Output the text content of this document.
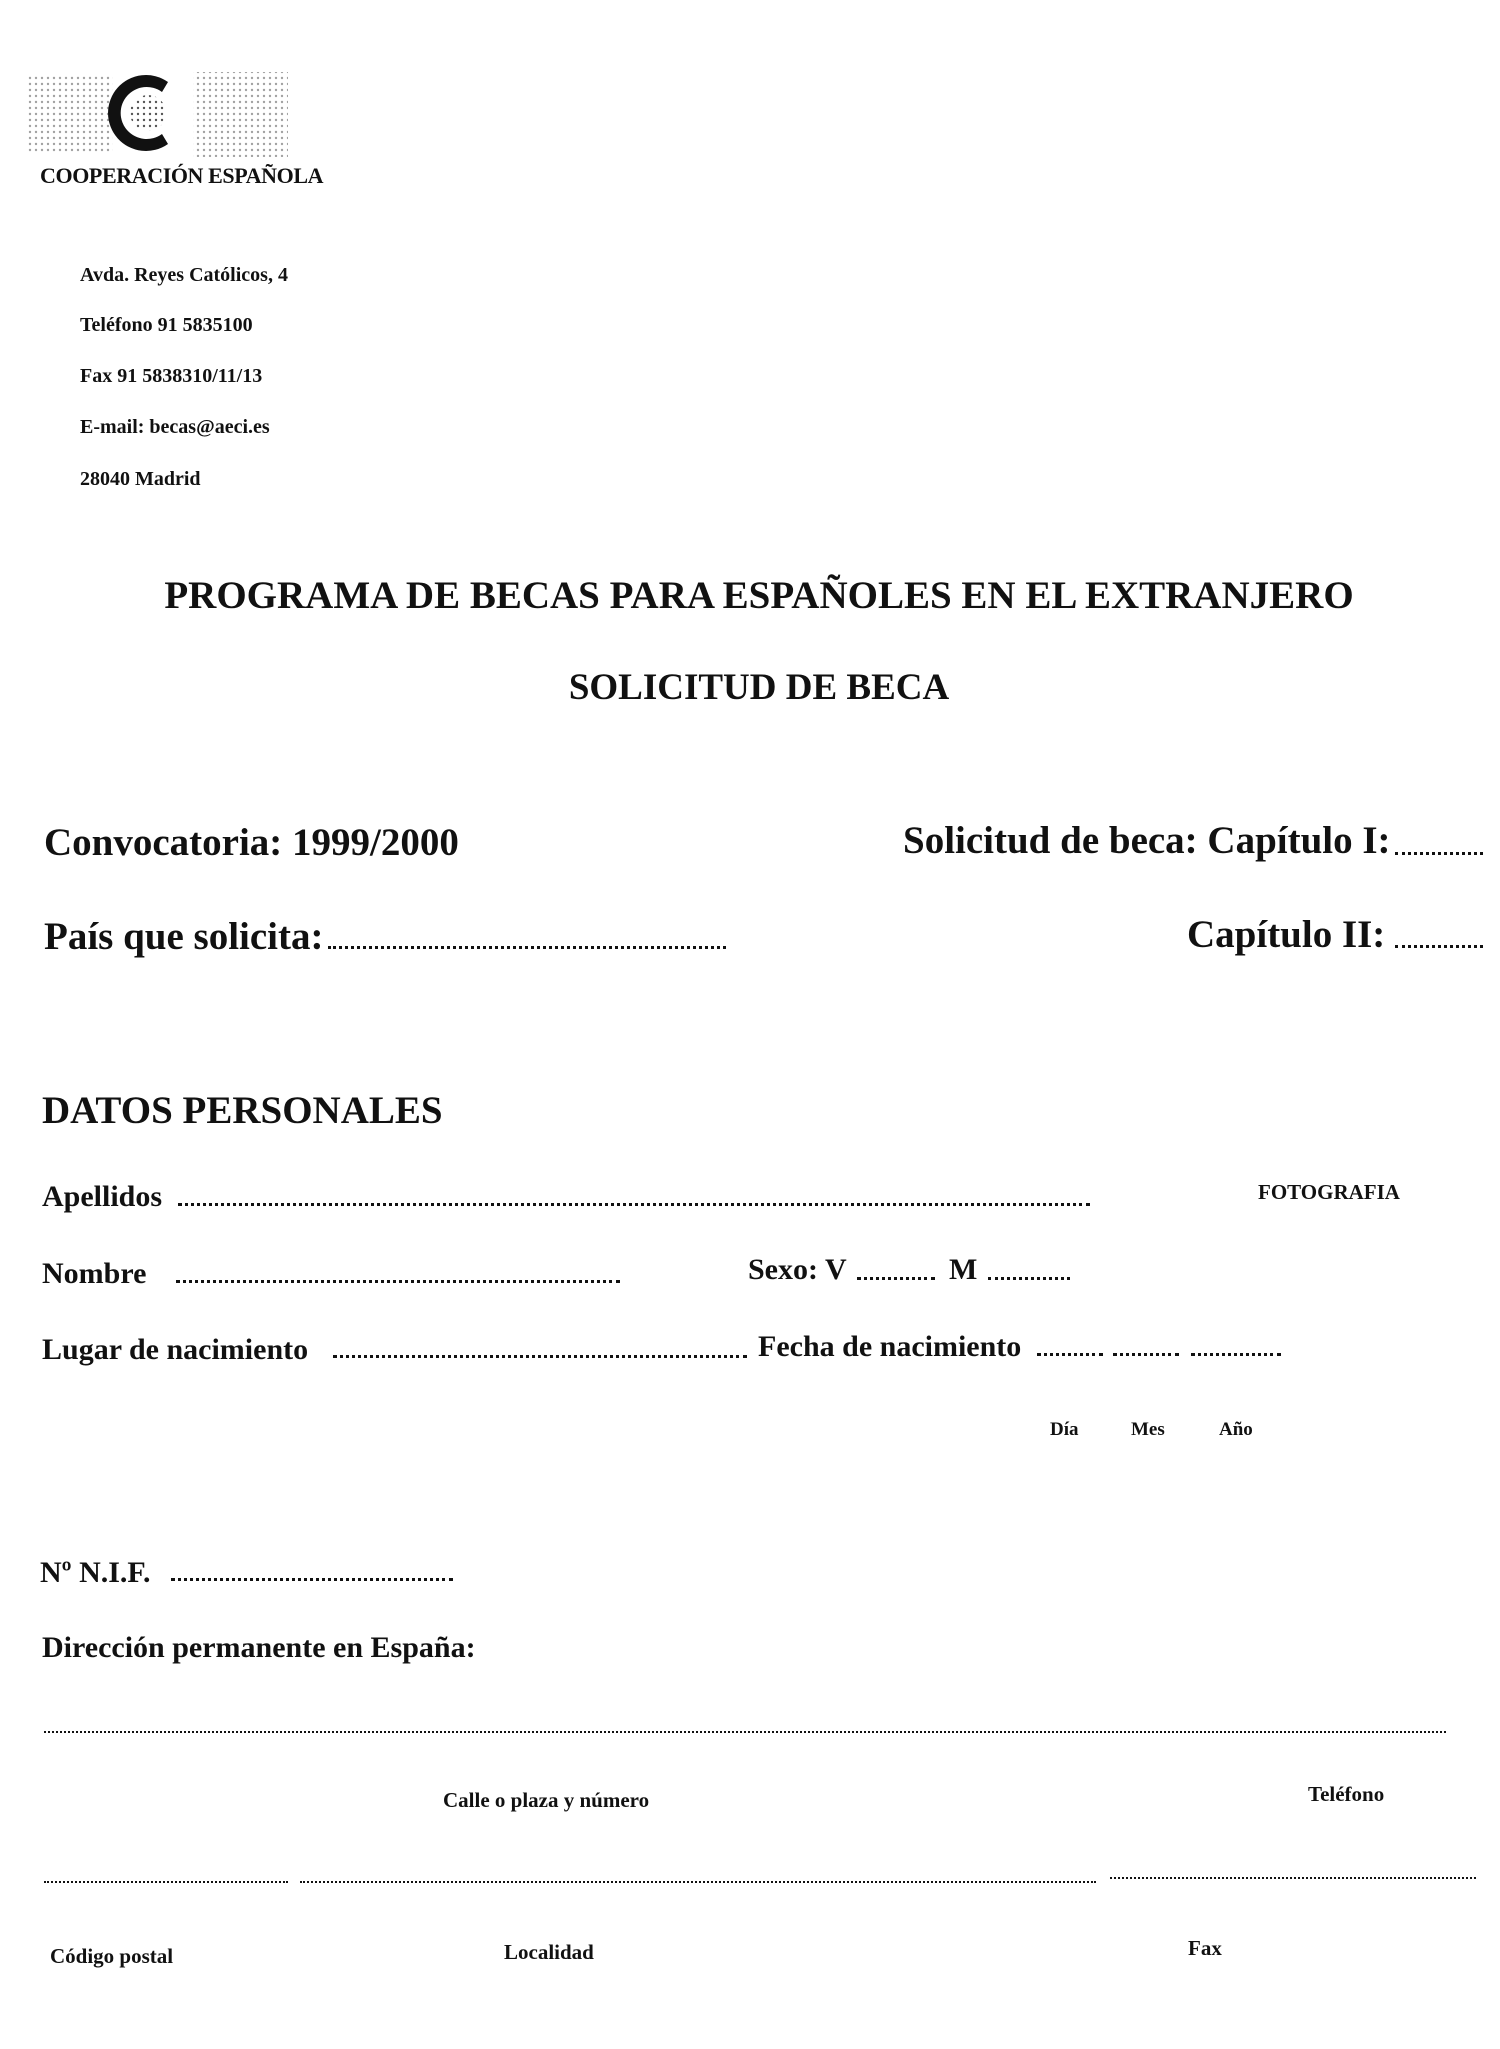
COOPERACIÓN ESPAÑOLA
Avda. Reyes Católicos, 4
Teléfono 91 5835100
Fax 91 5838310/11/13
E-mail: becas@aeci.es
28040 Madrid
PROGRAMA DE BECAS PARA ESPAÑOLES EN EL EXTRANJERO
SOLICITUD DE BECA
Convocatoria: 1999/2000	Solicitud de beca: Capítulo I:
País que solicita:	Capítulo II:
DATOS PERSONALES
Apellidos	FOTOGRAFIA
Nombre	Sexo: V	M
Lugar de nacimiento	Fecha de nacimiento
Día	Mes	Año
Nº N.I.F.
Dirección permanente en España:
Calle o plaza y número	Teléfono
Código postal	Localidad	Fax
